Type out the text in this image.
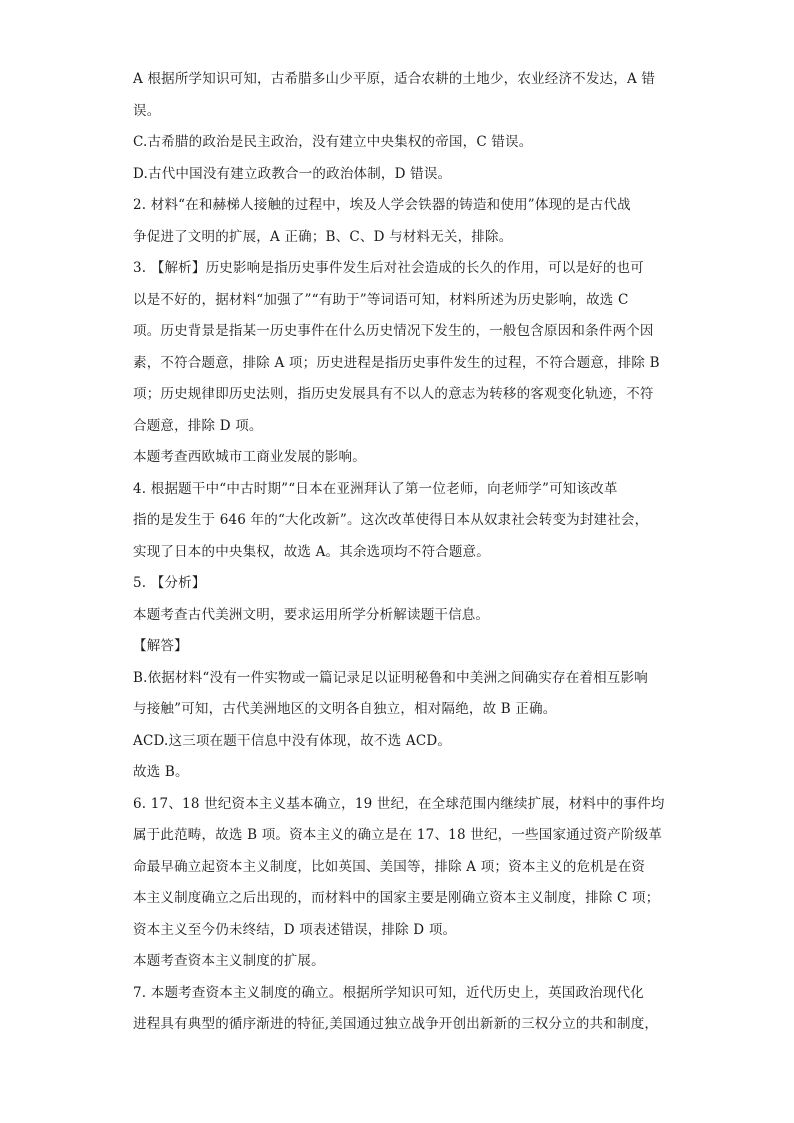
A 根据所学知识可知，古希腊多山少平原，适合农耕的土地少，农业经济不发达，A 错
误。
C.古希腊的政治是民主政治，没有建立中央集权的帝国，C 错误。
D.古代中国没有建立政教合一的政治体制，D 错误。
2. 材料“在和赫梯人接触的过程中，埃及人学会铁器的铸造和使用”体现的是古代战
争促进了文明的扩展，A 正确；B、C、D 与材料无关，排除。
3. 【解析】历史影响是指历史事件发生后对社会造成的长久的作用，可以是好的也可
以是不好的，据材料“加强了”“有助于”等词语可知，材料所述为历史影响，故选 C
项。历史背景是指某一历史事件在什么历史情况下发生的，一般包含原因和条件两个因
素，不符合题意，排除 A 项；历史进程是指历史事件发生的过程，不符合题意，排除 B
项；历史规律即历史法则，指历史发展具有不以人的意志为转移的客观变化轨迹，不符
合题意，排除 D 项。
本题考查西欧城市工商业发展的影响。
4. 根据题干中“中古时期”“日本在亚洲拜认了第一位老师，向老师学”可知该改革
指的是发生于 646 年的“大化改新”。这次改革使得日本从奴隶社会转变为封建社会，
实现了日本的中央集权，故选 A。其余选项均不符合题意。
5. 【分析】
本题考查古代美洲文明，要求运用所学分析解读题干信息。
【解答】
B.依据材料“没有一件实物或一篇记录足以证明秘鲁和中美洲之间确实存在着相互影响
与接触”可知，古代美洲地区的文明各自独立，相对隔绝，故 B 正确。
ACD.这三项在题干信息中没有体现，故不选 ACD。
故选 B。
6. 17、18 世纪资本主义基本确立，19 世纪，在全球范围内继续扩展，材料中的事件均
属于此范畴，故选 B 项。资本主义的确立是在 17、18 世纪，一些国家通过资产阶级革
命最早确立起资本主义制度，比如英国、美国等，排除 A 项；资本主义的危机是在资
本主义制度确立之后出现的，而材料中的国家主要是刚确立资本主义制度，排除 C 项；
资本主义至今仍未终结，D 项表述错误，排除 D 项。
本题考查资本主义制度的扩展。
7. 本题考查资本主义制度的确立。根据所学知识可知，近代历史上，英国政治现代化
进程具有典型的循序渐进的特征,美国通过独立战争开创出新新的三权分立的共和制度，
